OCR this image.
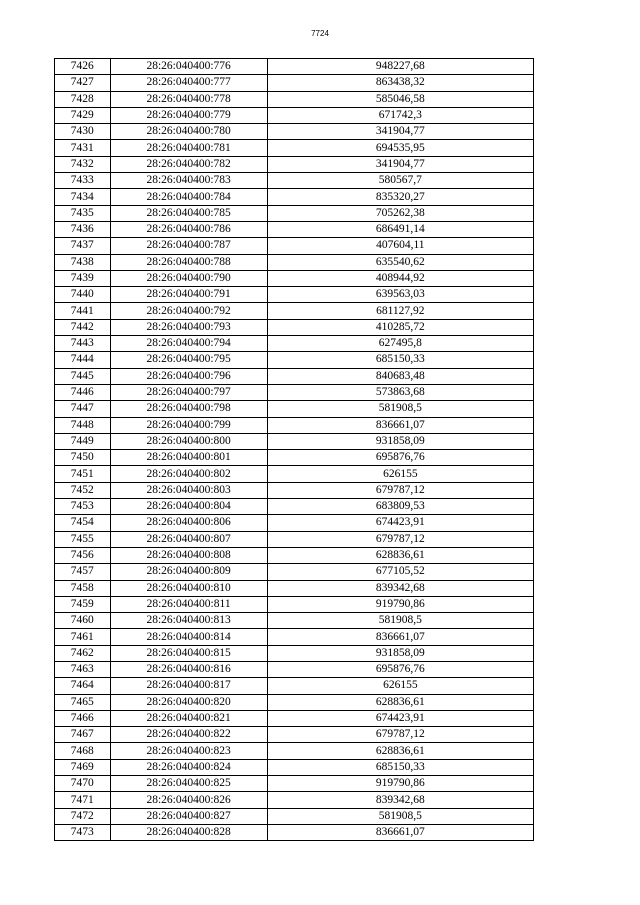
7724
7426	28:26:040400:776	948227,68
7427	28:26:040400:777	863438,32
7428	28:26:040400:778	585046,58
7429	28:26:040400:779	671742,3
7430	28:26:040400:780	341904,77
7431	28:26:040400:781	694535,95
7432	28:26:040400:782	341904,77
7433	28:26:040400:783	580567,7
7434	28:26:040400:784	835320,27
7435	28:26:040400:785	705262,38
7436	28:26:040400:786	686491,14
7437	28:26:040400:787	407604,11
7438	28:26:040400:788	635540,62
7439	28:26:040400:790	408944,92
7440	28:26:040400:791	639563,03
7441	28:26:040400:792	681127,92
7442	28:26:040400:793	410285,72
7443	28:26:040400:794	627495,8
7444	28:26:040400:795	685150,33
7445	28:26:040400:796	840683,48
7446	28:26:040400:797	573863,68
7447	28:26:040400:798	581908,5
7448	28:26:040400:799	836661,07
7449	28:26:040400:800	931858,09
7450	28:26:040400:801	695876,76
7451	28:26:040400:802	626155
7452	28:26:040400:803	679787,12
7453	28:26:040400:804	683809,53
7454	28:26:040400:806	674423,91
7455	28:26:040400:807	679787,12
7456	28:26:040400:808	628836,61
7457	28:26:040400:809	677105,52
7458	28:26:040400:810	839342,68
7459	28:26:040400:811	919790,86
7460	28:26:040400:813	581908,5
7461	28:26:040400:814	836661,07
7462	28:26:040400:815	931858,09
7463	28:26:040400:816	695876,76
7464	28:26:040400:817	626155
7465	28:26:040400:820	628836,61
7466	28:26:040400:821	674423,91
7467	28:26:040400:822	679787,12
7468	28:26:040400:823	628836,61
7469	28:26:040400:824	685150,33
7470	28:26:040400:825	919790,86
7471	28:26:040400:826	839342,68
7472	28:26:040400:827	581908,5
7473	28:26:040400:828	836661,07
